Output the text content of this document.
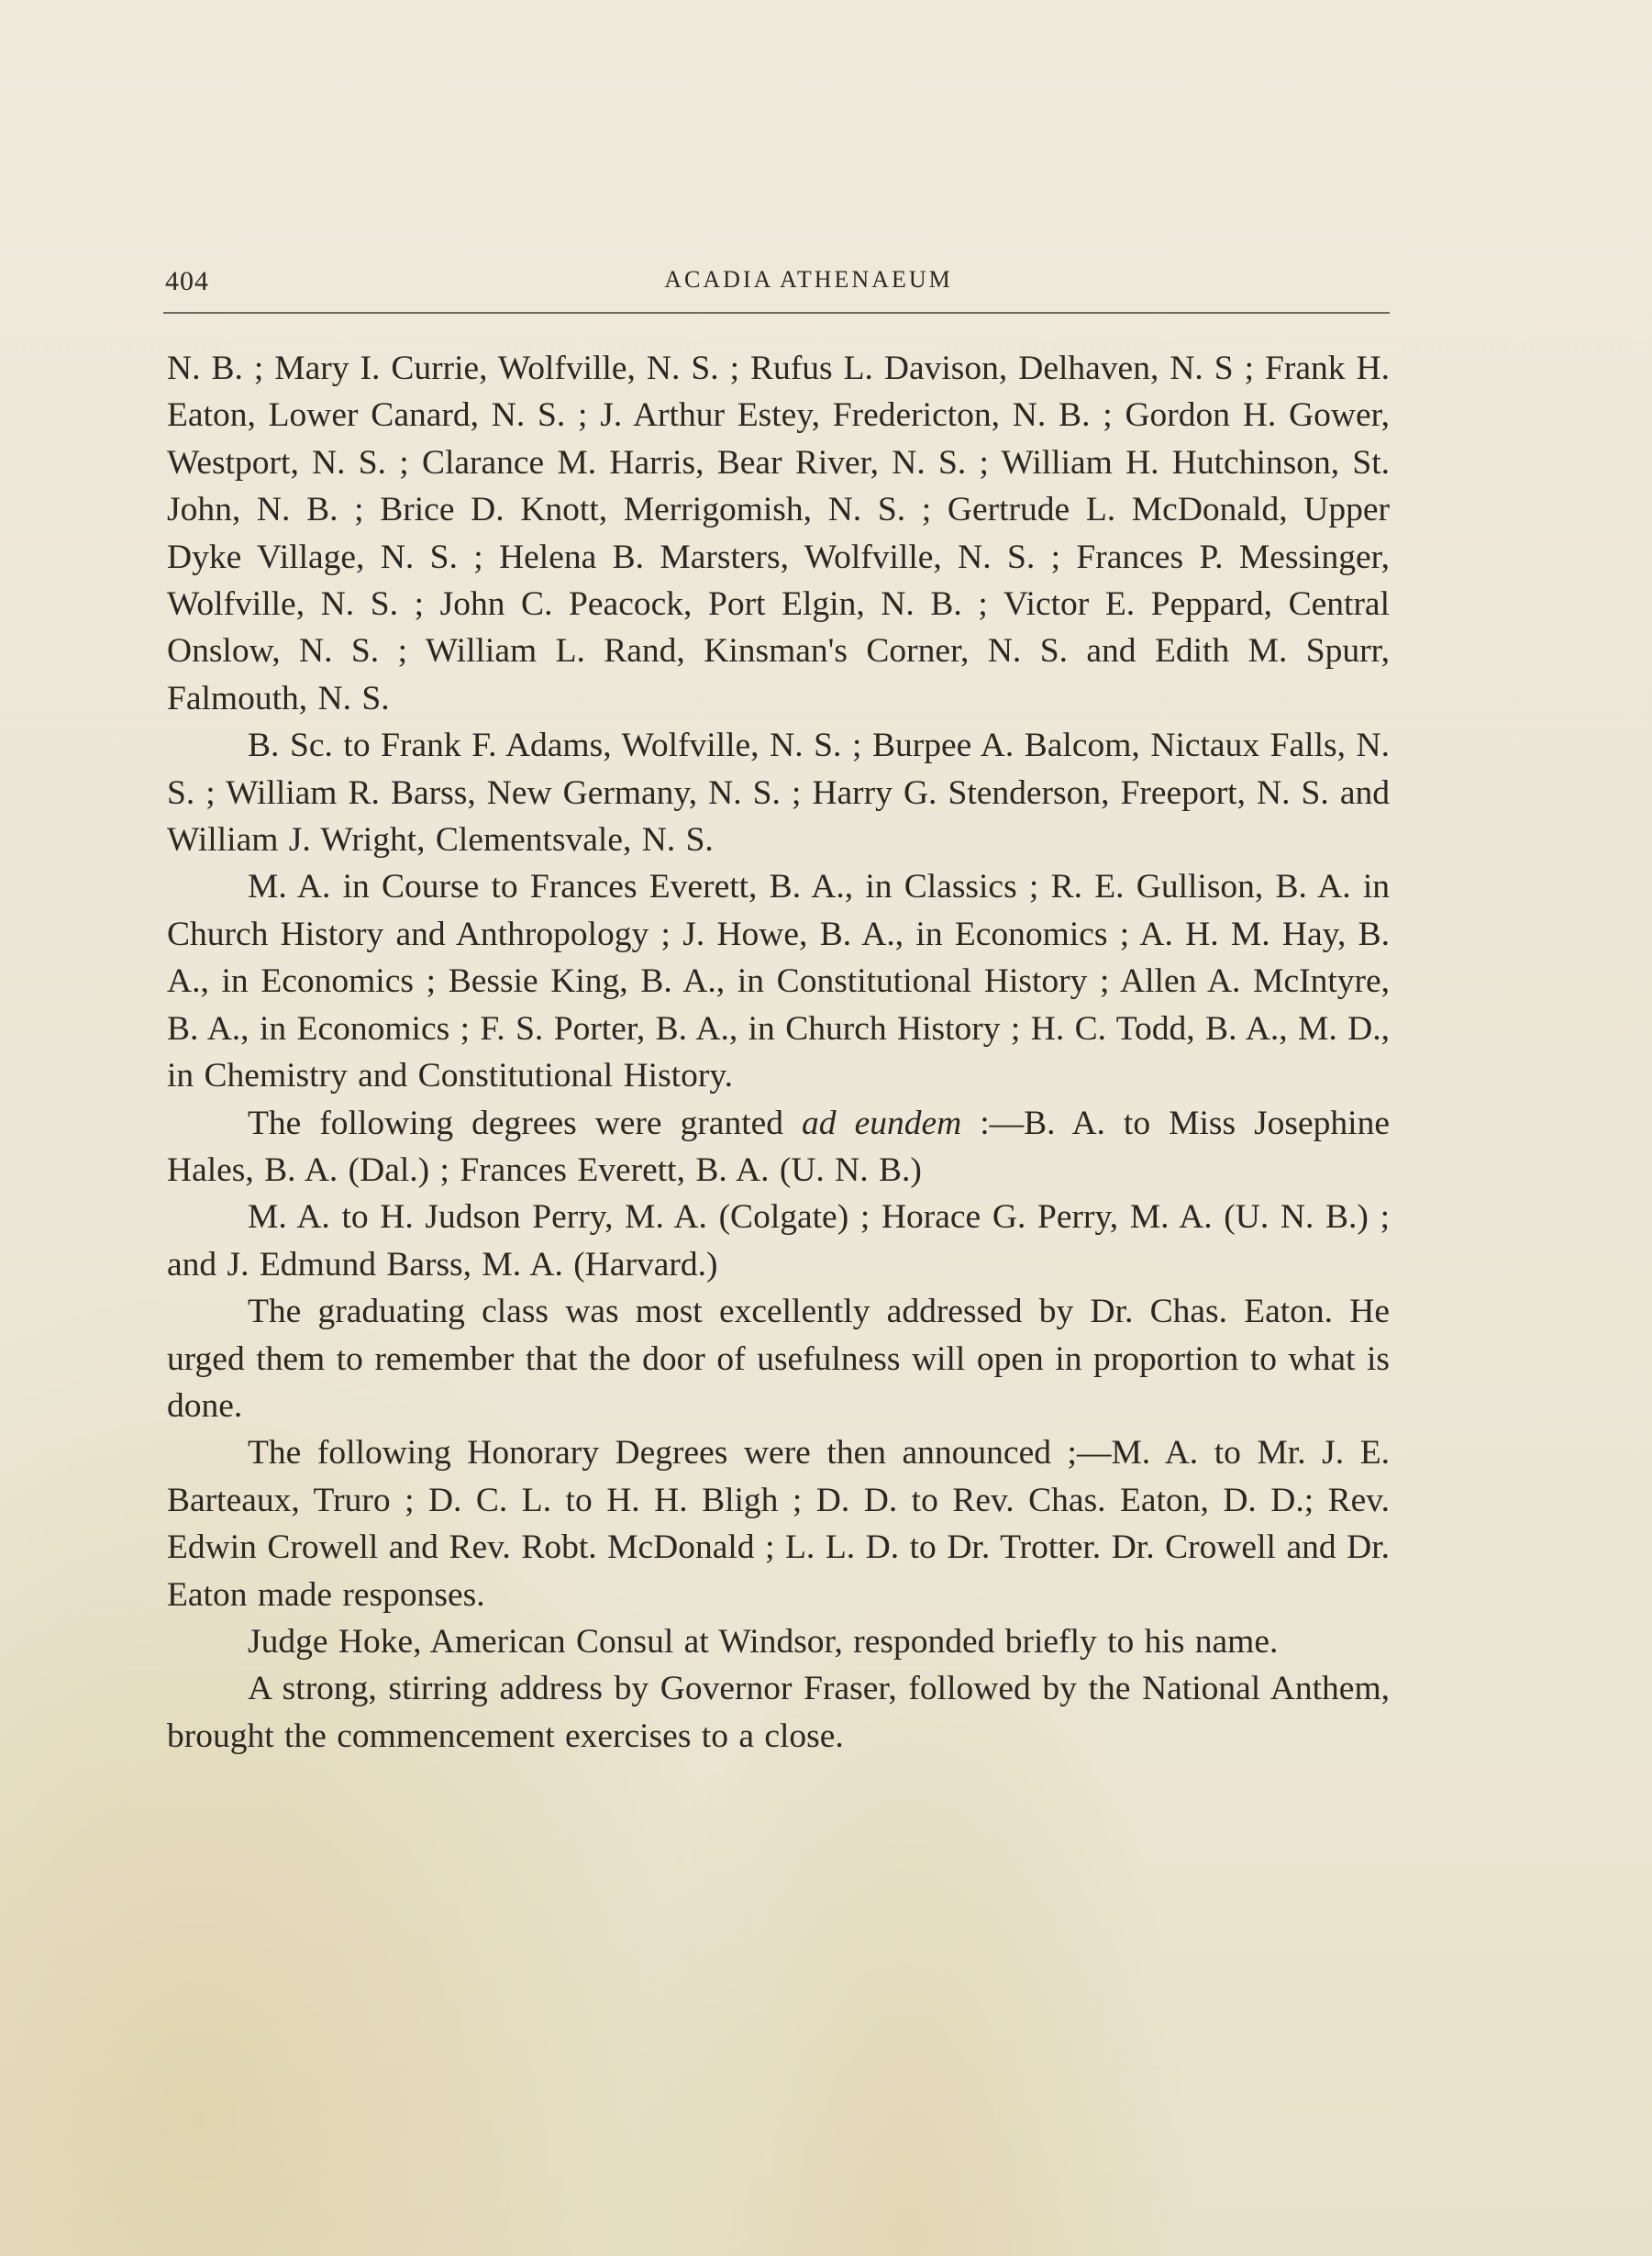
404	ACADIA ATHENAEUM

N. B. ; Mary I. Currie, Wolfville, N. S. ; Rufus L. Davison, Delhaven, N. S ; Frank H. Eaton, Lower Canard, N. S. ; J. Arthur Estey, Fredericton, N. B. ; Gordon H. Gower, Westport, N. S. ; Clarance M. Harris, Bear River, N. S. ; William H. Hutchinson, St. John, N. B. ; Brice D. Knott, Merrigomish, N. S. ; Gertrude L. McDonald, Upper Dyke Village, N. S. ; Helena B. Marsters, Wolfville, N. S. ; Frances P. Messinger, Wolfville, N. S. ; John C. Peacock, Port Elgin, N. B. ; Victor E. Peppard, Central Onslow, N. S. ; William L. Rand, Kinsman's Corner, N. S. and Edith M. Spurr, Falmouth, N. S.

B. Sc. to Frank F. Adams, Wolfville, N. S. ; Burpee A. Balcom, Nictaux Falls, N. S. ; William R. Barss, New Germany, N. S. ; Harry G. Stenderson, Freeport, N. S. and William J. Wright, Clementsvale, N. S.

M. A. in Course to Frances Everett, B. A., in Classics ; R. E. Gullison, B. A. in Church History and Anthropology ; J. Howe, B. A., in Economics ; A. H. M. Hay, B. A., in Economics ; Bessie King, B. A., in Constitutional History ; Allen A. McIntyre, B. A., in Economics ; F. S. Porter, B. A., in Church History ; H. C. Todd, B. A., M. D., in Chemistry and Constitutional History.

The following degrees were granted ad eundem :—B. A. to Miss Josephine Hales, B. A. (Dal.) ; Frances Everett, B. A. (U. N. B.)

M. A. to H. Judson Perry, M. A. (Colgate) ; Horace G. Perry, M. A. (U. N. B.) ; and J. Edmund Barss, M. A. (Harvard.)

The graduating class was most excellently addressed by Dr. Chas. Eaton. He urged them to remember that the door of usefulness will open in proportion to what is done.

The following Honorary Degrees were then announced ;—M. A. to Mr. J. E. Barteaux, Truro ; D. C. L. to H. H. Bligh ; D. D. to Rev. Chas. Eaton, D. D.; Rev. Edwin Crowell and Rev. Robt. McDonald ; L. L. D. to Dr. Trotter. Dr. Crowell and Dr. Eaton made responses.

Judge Hoke, American Consul at Windsor, responded briefly to his name.

A strong, stirring address by Governor Fraser, followed by the National Anthem, brought the commencement exercises to a close.
